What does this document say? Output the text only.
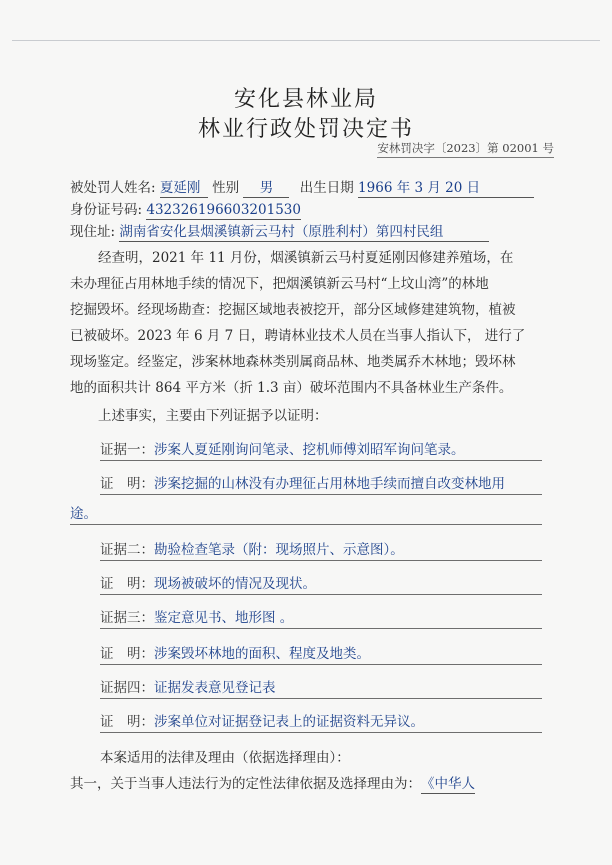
安化县林业局
林业行政处罚决定书
安林罚决字〔2023〕第 02001 号
被处罚人姓名: 夏延刚 性别 男 出生日期 1966 年 3 月 20 日
身份证号码: 432326196603201530
现住址: 湖南省安化县烟溪镇新云马村（原胜利村）第四村民组
经查明，2021 年 11 月份，烟溪镇新云马村夏延刚因修建养殖场，在
未办理征占用林地手续的情况下，把烟溪镇新云马村“上坟山湾”的林地
挖掘毁坏。经现场勘查：挖掘区域地表被挖开，部分区域修建建筑物，植被
已被破坏。2023 年 6 月 7 日，聘请林业技术人员在当事人指认下， 进行了
现场鉴定。经鉴定，涉案林地森林类别属商品林、地类属乔木林地；毁坏林
地的面积共计 864 平方米（折 1.3 亩）破坏范围内不具备林业生产条件。
上述事实，主要由下列证据予以证明：
证据一：涉案人夏延刚询问笔录、挖机师傅刘昭军询问笔录。
证　明：涉案挖掘的山林没有办理征占用林地手续而擅自改变林地用
途。
证据二：勘验检查笔录（附：现场照片、示意图）。
证　明：现场被破坏的情况及现状。
证据三：鉴定意见书、地形图 。
证　明：涉案毁坏林地的面积、程度及地类。
证据四：证据发表意见登记表
证　明：涉案单位对证据登记表上的证据资料无异议。
本案适用的法律及理由（依据选择理由）：
其一，关于当事人违法行为的定性法律依据及选择理由为：《中华人
